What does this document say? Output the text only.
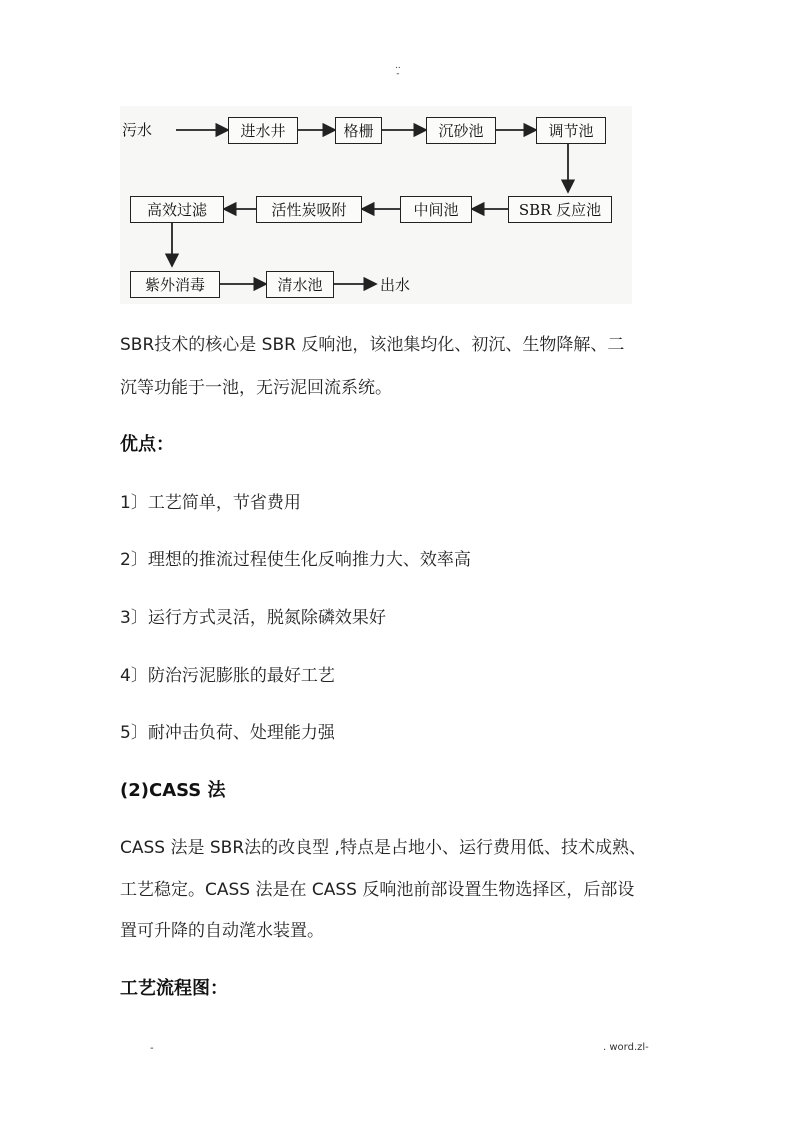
..
-
污水	进水井	格栅	沉砂池	调节池
SBR 反应池
中间池
活性炭吸附
高效过滤
紫外消毒	清水池	出水
SBR技术的核心是 SBR 反响池，该池集均化、初沉、生物降解、二
沉等功能于一池，无污泥回流系统。
优点：
1〕工艺简单，节省费用
2〕理想的推流过程使生化反响推力大、效率高
3〕运行方式灵活，脱氮除磷效果好
4〕防治污泥膨胀的最好工艺
5〕耐冲击负荷、处理能力强
(2)CASS 法
CASS 法是 SBR法的改良型 ,特点是占地小、运行费用低、技术成熟、
工艺稳定。CASS 法是在 CASS 反响池前部设置生物选择区，后部设
置可升降的自动滗水装置。
工艺流程图：
-	. word.zl-
